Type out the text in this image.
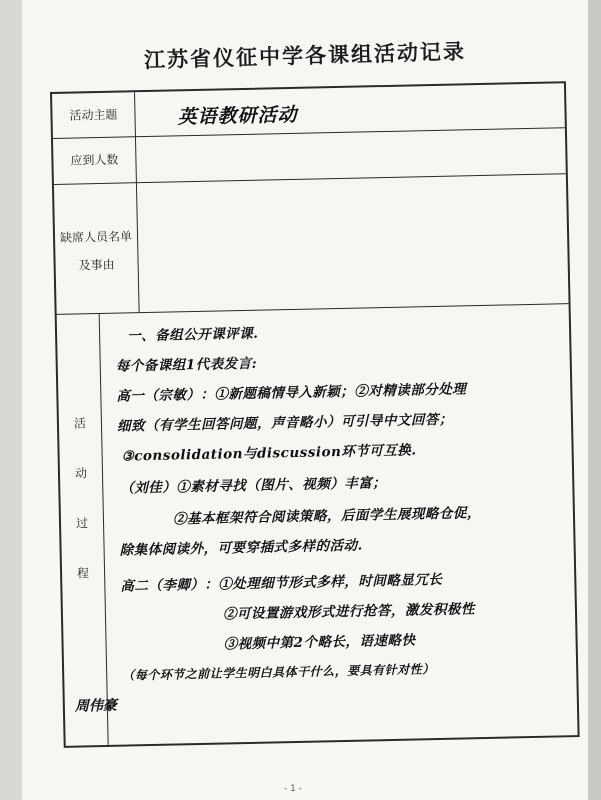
江苏省仪征中学各课组活动记录
活动主题	英语教研活动
应到人数
缺席人员名单
及事由
活
动
过
程
一、备组公开课评课.
每个备课组1代表发言:
高一（宗敏）：①新题稿情导入新颖；②对精读部分处理
细致（有学生回答问题，声音略小）可引导中文回答；
③consolidation与discussion环节可互换.
（刘佳）①素材寻找（图片、视频）丰富；
②基本框架符合阅读策略，后面学生展现略仓促，
除集体阅读外，可要穿插式多样的活动.
高二（李卿）：①处理细节形式多样，时间略显冗长
②可设置游戏形式进行抢答，激发积极性
③视频中第2个略长，语速略快
（每个环节之前让学生明白具体干什么，要具有针对性）
周伟豪
- 1 -
